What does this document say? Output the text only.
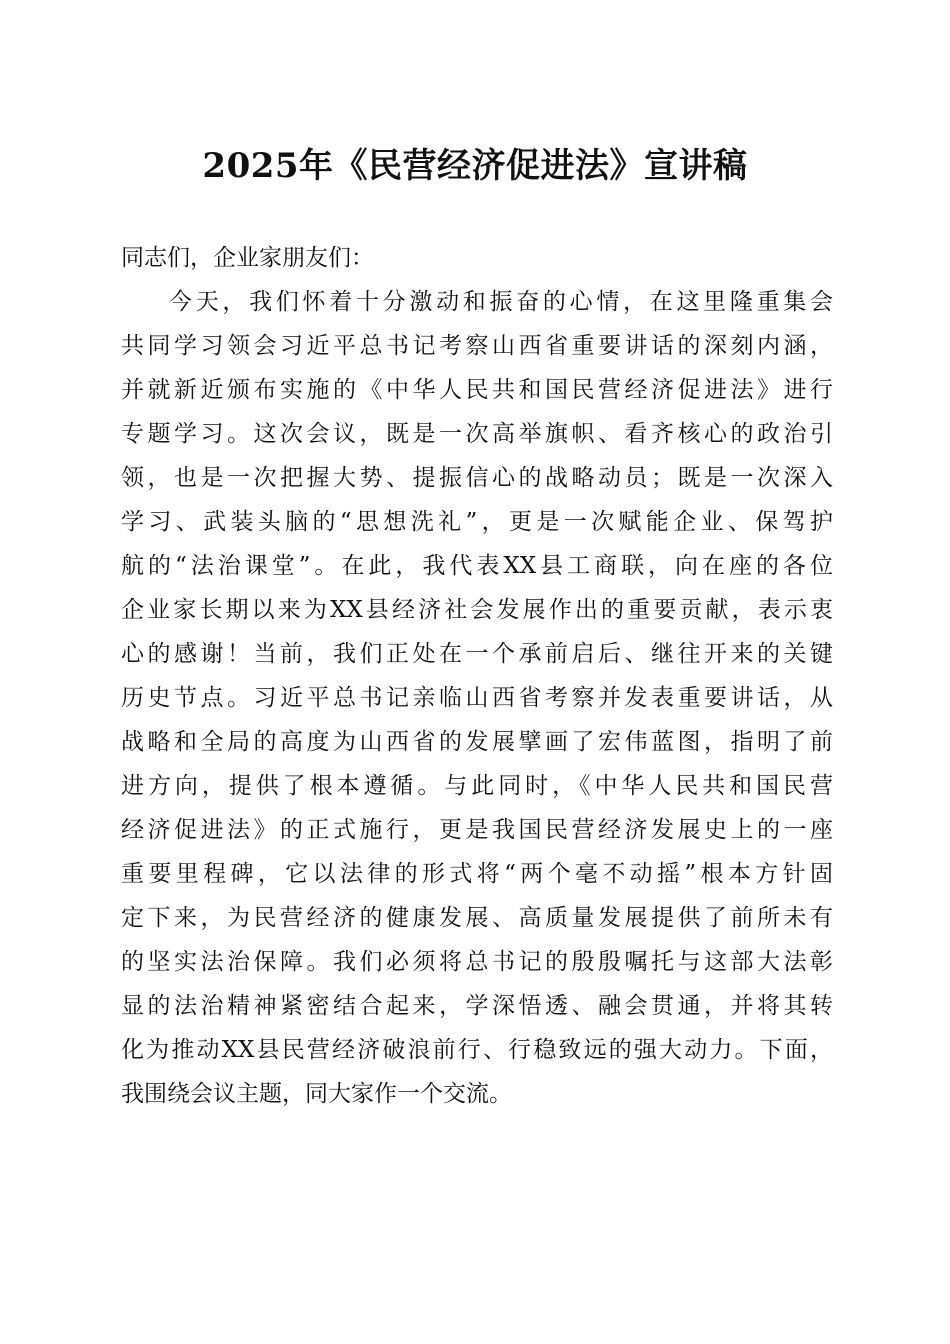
2025年《民营经济促进法》宣讲稿
同志们，企业家朋友们：
今天，我们怀着十分激动和振奋的心情，在这里隆重集会
共同学习领会习近平总书记考察山西省重要讲话的深刻内涵，
并就新近颁布实施的《中华人民共和国民营经济促进法》进行
专题学习。这次会议，既是一次高举旗帜、看齐核心的政治引
领，也是一次把握大势、提振信心的战略动员；既是一次深入
学习、武装头脑的“思想洗礼”，更是一次赋能企业、保驾护
航的“法治课堂”。在此，我代表XX县工商联，向在座的各位
企业家长期以来为XX县经济社会发展作出的重要贡献，表示衷
心的感谢！当前，我们正处在一个承前启后、继往开来的关键
历史节点。习近平总书记亲临山西省考察并发表重要讲话，从
战略和全局的高度为山西省的发展擘画了宏伟蓝图，指明了前
进方向，提供了根本遵循。与此同时，《中华人民共和国民营
经济促进法》的正式施行，更是我国民营经济发展史上的一座
重要里程碑，它以法律的形式将“两个毫不动摇”根本方针固
定下来，为民营经济的健康发展、高质量发展提供了前所未有
的坚实法治保障。我们必须将总书记的殷殷嘱托与这部大法彰
显的法治精神紧密结合起来，学深悟透、融会贯通，并将其转
化为推动XX县民营经济破浪前行、行稳致远的强大动力。下面，
我围绕会议主题，同大家作一个交流。
